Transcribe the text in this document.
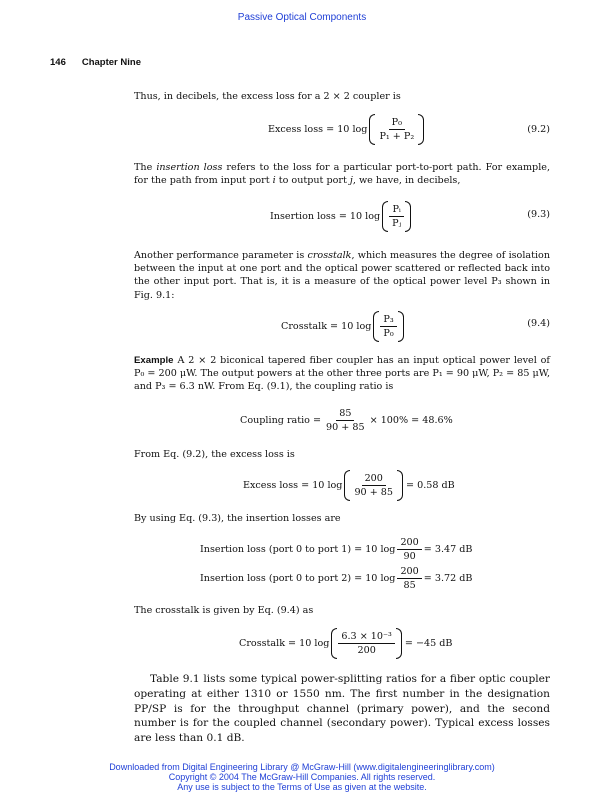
Passive Optical Components
146 Chapter Nine
Thus, in decibels, the excess loss for a 2 × 2 coupler is
Excess loss = 10 $\log \frac{\text{P₀}}{\text{P₁ + P₂}}$	(9.2)
The insertion loss refers to the loss for a particular port-to-port path. For example, for the path from input port i to output port j, we have, in decibels,
Insertion loss = 10 $\log \frac{\text{Pᵢ}}{\text{Pⱼ}}$	(9.3)
Another performance parameter is crosstalk, which measures the degree of isolation between the input at one port and the optical power scattered or reflected back into the other input port. That is, it is a measure of the optical power level P₃ shown in Fig. 9.1:
Crosstalk = 10 $\log \frac{\text{P₃}}{\text{P₀}}$	(9.4)
Example A 2 × 2 biconical tapered fiber coupler has an input optical power level of P₀ = 200 μW. The output powers at the other three ports are P₁ = 90 μW, P₂ = 85 μW, and P₃ = 6.3 nW. From Eq. (9.1), the coupling ratio is
Coupling ratio = $\frac{85}{90 + 85} \times 100\% = 48.6\%$
From Eq. (9.2), the excess loss is
Excess loss = 10 $\log \frac{200}{90 + 85} = 0.58$ dB
By using Eq. (9.3), the insertion losses are
Insertion loss (port 0 to port 1) = 10 $\log \frac{200}{90} = 3.47$ dB
Insertion loss (port 0 to port 2) = 10 $\log \frac{200}{85} = 3.72$ dB
The crosstalk is given by Eq. (9.4) as
Crosstalk = 10 $\log \frac{\text{6.3 × 10⁻³}}{200} = -45$ dB
Table 9.1 lists some typical power-splitting ratios for a fiber optic coupler operating at either 1310 or 1550 nm. The first number in the designation PP/SP is for the throughput channel (primary power), and the second number is for the coupled channel (secondary power). Typical excess losses are less than 0.1 dB.
Downloaded from Digital Engineering Library @ McGraw-Hill (www.digitalengineeringlibrary.com)
Copyright © 2004 The McGraw-Hill Companies. All rights reserved.
Any use is subject to the Terms of Use as given at the website.
